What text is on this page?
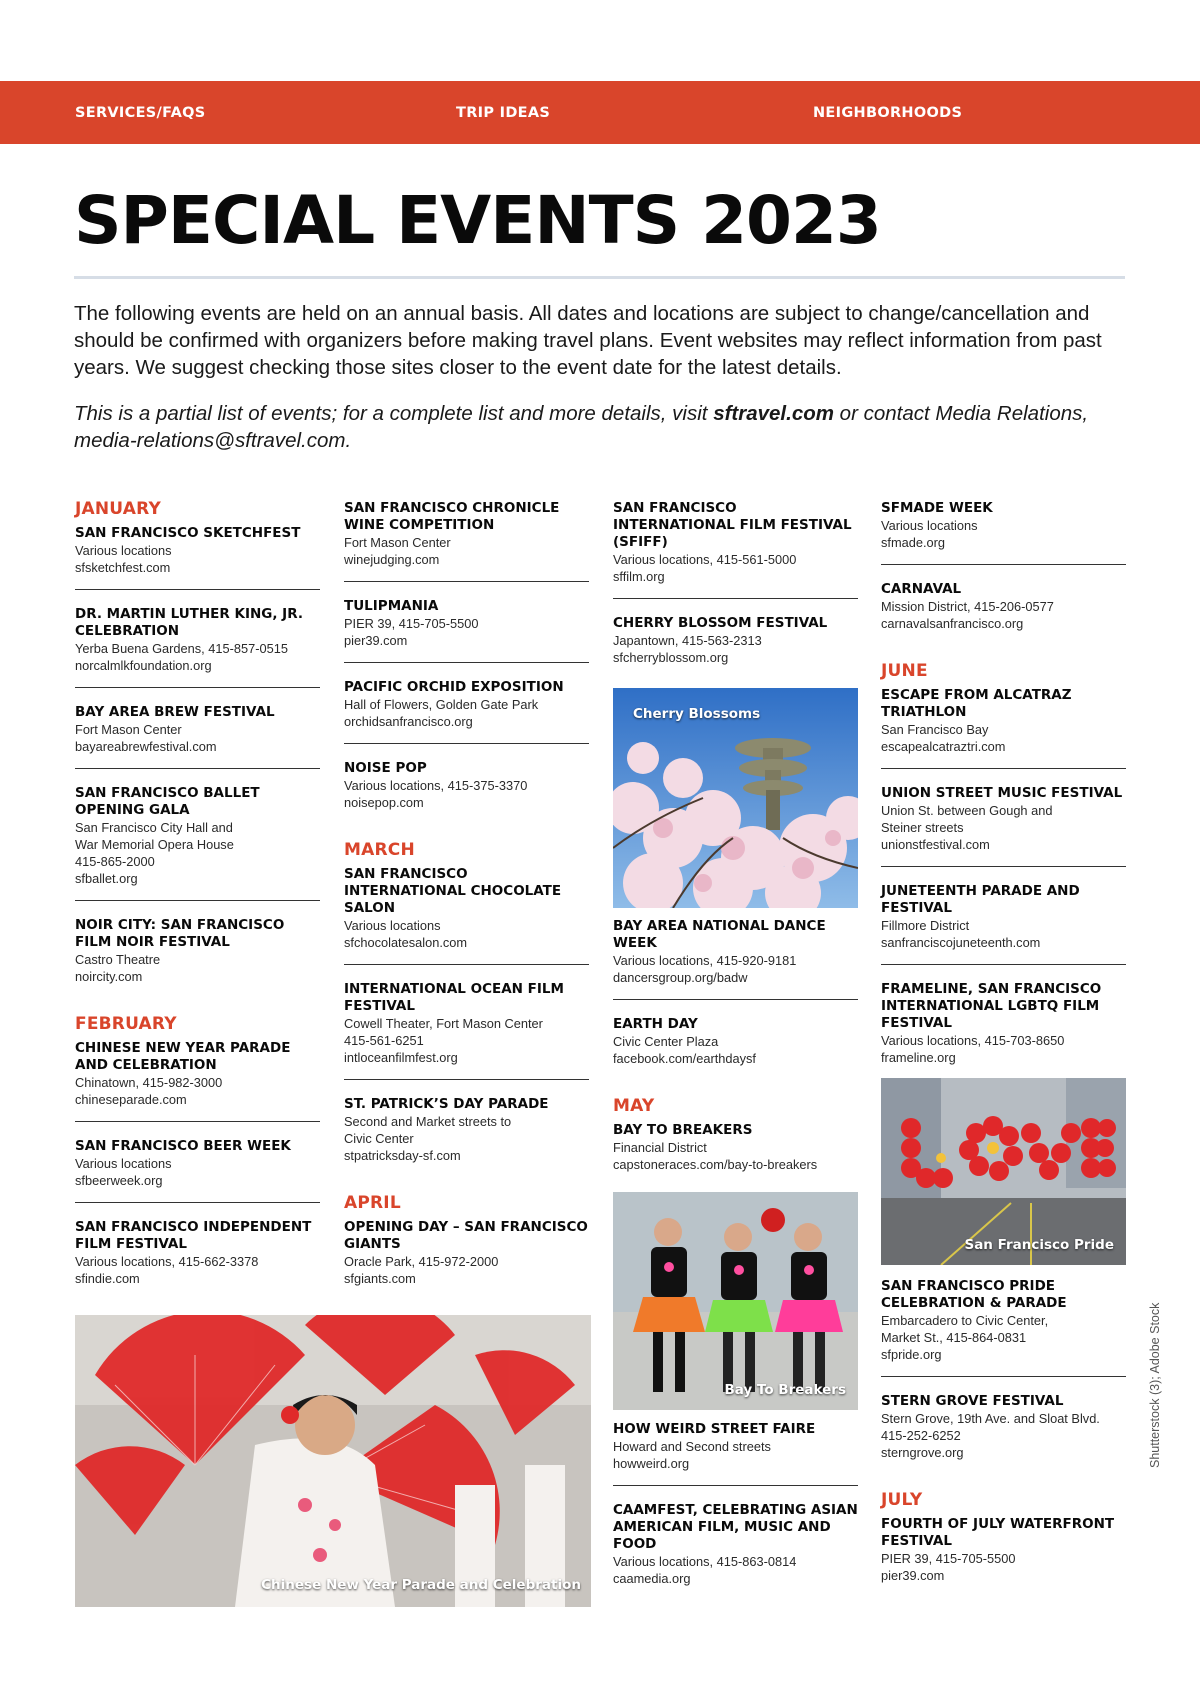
SERVICES/FAQS	TRIP IDEAS	NEIGHBORHOODS
SPECIAL EVENTS 2023

The following events are held on an annual basis. All dates and locations are subject to change/cancellation and should be confirmed with organizers before making travel plans. Event websites may reflect information from past years. We suggest checking those sites closer to the event date for the latest details.

This is a partial list of events; for a complete list and more details, visit sftravel.com or contact Media Relations, media-relations@sftravel.com.

JANUARY
SAN FRANCISCO SKETCHFEST
Various locations
sfsketchfest.com
DR. MARTIN LUTHER KING, JR. CELEBRATION
Yerba Buena Gardens, 415-857-0515
norcalmlkfoundation.org
BAY AREA BREW FESTIVAL
Fort Mason Center
bayareabrewfestival.com
SAN FRANCISCO BALLET OPENING GALA
San Francisco City Hall and
War Memorial Opera House
415-865-2000
sfballet.org
NOIR CITY: SAN FRANCISCO FILM NOIR FESTIVAL
Castro Theatre
noircity.com
FEBRUARY
CHINESE NEW YEAR PARADE AND CELEBRATION
Chinatown, 415-982-3000
chineseparade.com
SAN FRANCISCO BEER WEEK
Various locations
sfbeerweek.org
SAN FRANCISCO INDEPENDENT FILM FESTIVAL
Various locations, 415-662-3378
sfindie.com
SAN FRANCISCO CHRONICLE WINE COMPETITION
Fort Mason Center
winejudging.com
TULIPMANIA
PIER 39, 415-705-5500
pier39.com
PACIFIC ORCHID EXPOSITION
Hall of Flowers, Golden Gate Park
orchidsanfrancisco.org
NOISE POP
Various locations, 415-375-3370
noisepop.com
MARCH
SAN FRANCISCO INTERNATIONAL CHOCOLATE SALON
Various locations
sfchocolatesalon.com
INTERNATIONAL OCEAN FILM FESTIVAL
Cowell Theater, Fort Mason Center
415-561-6251
intloceanfilmfest.org
ST. PATRICK’S DAY PARADE
Second and Market streets to
Civic Center
stpatricksday-sf.com
APRIL
OPENING DAY – SAN FRANCISCO GIANTS
Oracle Park, 415-972-2000
sfgiants.com
SAN FRANCISCO INTERNATIONAL FILM FESTIVAL (SFIFF)
Various locations, 415-561-5000
sffilm.org
CHERRY BLOSSOM FESTIVAL
Japantown, 415-563-2313
sfcherryblossom.org
BAY AREA NATIONAL DANCE WEEK
Various locations, 415-920-9181
dancersgroup.org/badw
EARTH DAY
Civic Center Plaza
facebook.com/earthdaysf
MAY
BAY TO BREAKERS
Financial District
capstoneraces.com/bay-to-breakers
HOW WEIRD STREET FAIRE
Howard and Second streets
howweird.org
CAAMFEST, CELEBRATING ASIAN AMERICAN FILM, MUSIC AND FOOD
Various locations, 415-863-0814
caamedia.org
SFMADE WEEK
Various locations
sfmade.org
CARNAVAL
Mission District, 415-206-0577
carnavalsanfrancisco.org
JUNE
ESCAPE FROM ALCATRAZ TRIATHLON
San Francisco Bay
escapealcatraztri.com
UNION STREET MUSIC FESTIVAL
Union St. between Gough and
Steiner streets
unionstfestival.com
JUNETEENTH PARADE AND FESTIVAL
Fillmore District
sanfranciscojuneteenth.com
FRAMELINE, SAN FRANCISCO INTERNATIONAL LGBTQ FILM FESTIVAL
Various locations, 415-703-8650
frameline.org
SAN FRANCISCO PRIDE CELEBRATION & PARADE
Embarcadero to Civic Center,
Market St., 415-864-0831
sfpride.org
STERN GROVE FESTIVAL
Stern Grove, 19th Ave. and Sloat Blvd.
415-252-6252
sterngrove.org
JULY
FOURTH OF JULY WATERFRONT FESTIVAL
PIER 39, 415-705-5500
pier39.com
Cherry Blossoms
Bay To Breakers
San Francisco Pride
Chinese New Year Parade and Celebration
Shutterstock (3); Adobe Stock
